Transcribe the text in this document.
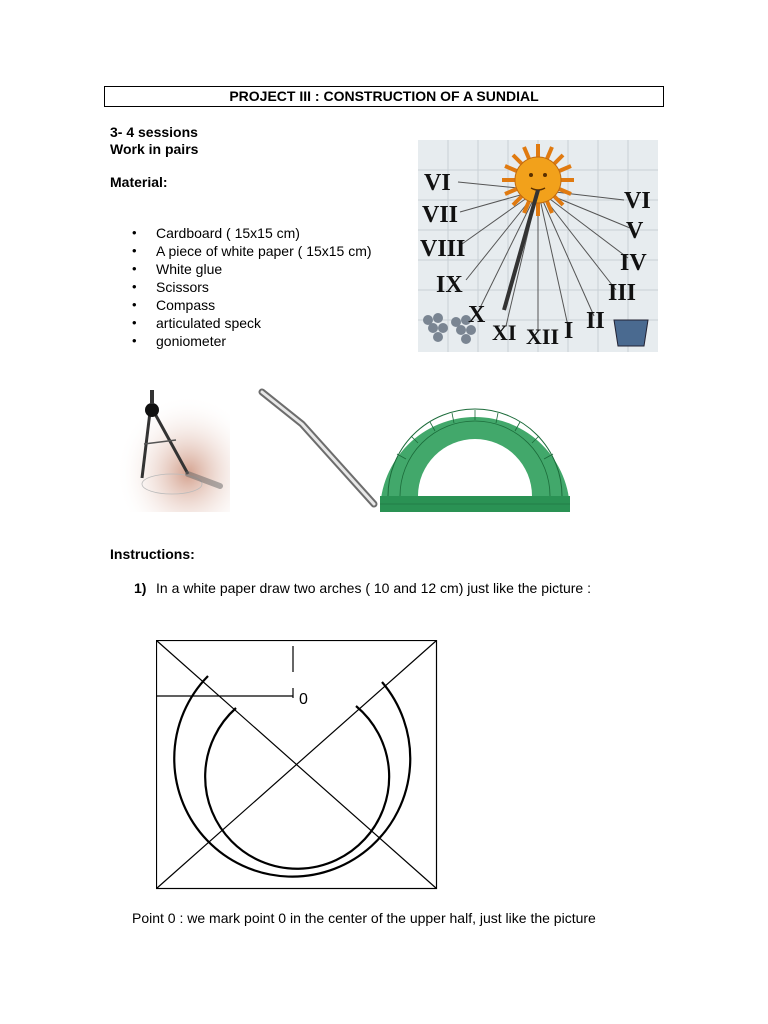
PROJECT III : CONSTRUCTION OF A SUNDIAL
3- 4 sessions
Work in pairs
Material:
• Cardboard ( 15x15 cm)
• A piece of white paper ( 15x15 cm)
• White glue
• Scissors
• Compass
• articulated speck
• goniometer
VI
VII
VIII
IX
X
XI XII I II
III
IV
V
VI
Instructions:
1) In a white paper draw two arches ( 10 and 12 cm) just like the picture :
0
Point 0 : we mark point 0 in the center of the upper half, just like the picture
